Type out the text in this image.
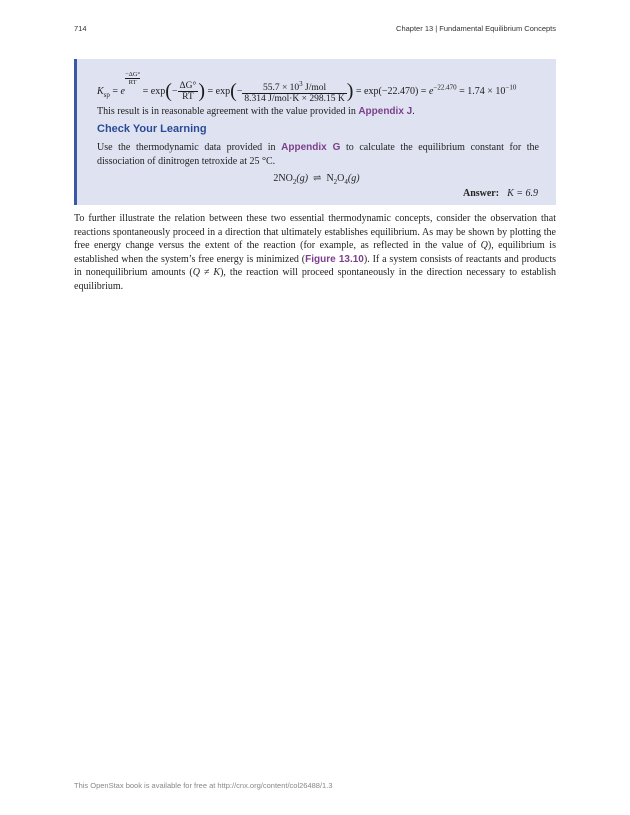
714	Chapter 13 | Fundamental Equilibrium Concepts
$K_{sp} = e$
$\frac{-\Delta G^\circ}{RT} = \exp(- \frac{\Delta G^\circ}{RT}$ ) = $\exp(- \frac{55.7 \times 10^3 J/mol}{\text{8.314 J/mol·K × 298.15 K}}$ ) = $\exp(-22.470) = e^{-22.470} = 1.74 \times 10^{-10}$
This result is in reasonable agreement with the value provided in Appendix J.
Check Your Learning
Use the thermodynamic data provided in Appendix G to calculate the equilibrium constant for the dissociation of dinitrogen tetroxide at 25 °C.
$2NO_2(g)$ ⇌ $N_2O_4(g)$
Answer: K = 6.9
To further illustrate the relation between these two essential thermodynamic concepts, consider the observation that reactions spontaneously proceed in a direction that ultimately establishes equilibrium. As may be shown by plotting the free energy change versus the extent of the reaction (for example, as reflected in the value of Q), equilibrium is established when the system’s free energy is minimized (Figure 13.10). If a system consists of reactants and products in nonequilibrium amounts (Q ≠ K), the reaction will proceed spontaneously in the direction necessary to establish equilibrium.
This OpenStax book is available for free at http://cnx.org/content/col26488/1.3
